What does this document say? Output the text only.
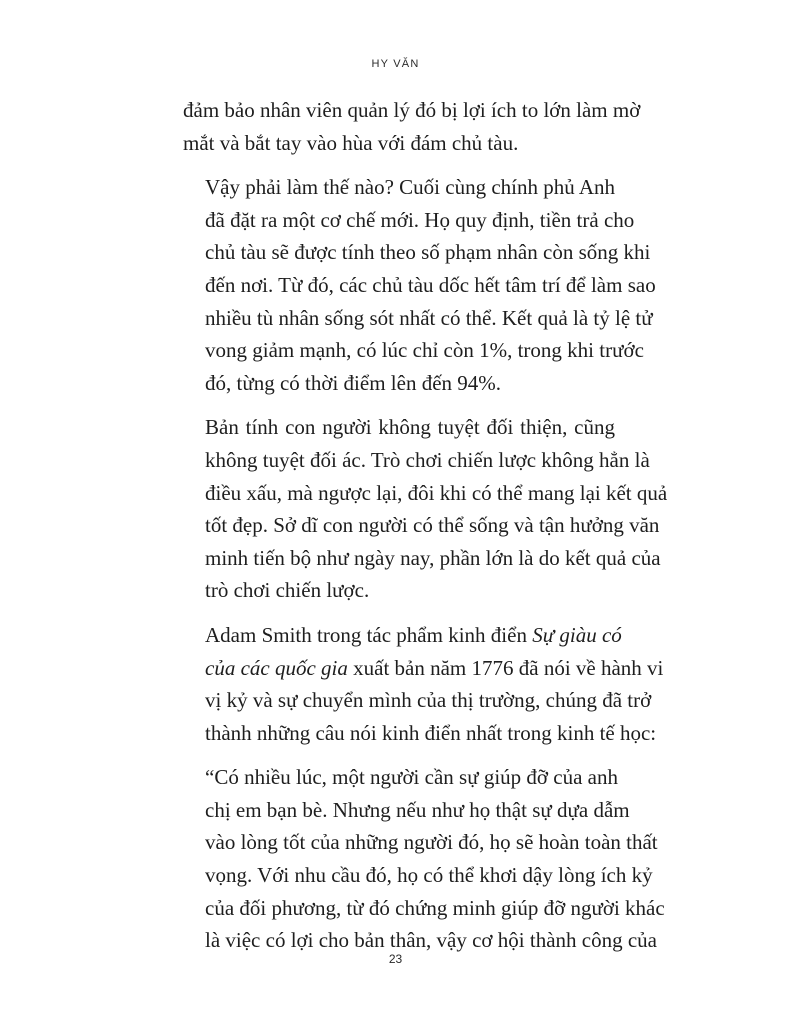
HY VĂN

đảm bảo nhân viên quản lý đó bị lợi ích to lớn làm mờ
mắt và bắt tay vào hùa với đám chủ tàu.

Vậy phải làm thế nào? Cuối cùng chính phủ Anh
đã đặt ra một cơ chế mới. Họ quy định, tiền trả cho
chủ tàu sẽ được tính theo số phạm nhân còn sống khi
đến nơi. Từ đó, các chủ tàu dốc hết tâm trí để làm sao
nhiều tù nhân sống sót nhất có thể. Kết quả là tỷ lệ tử
vong giảm mạnh, có lúc chỉ còn 1%, trong khi trước
đó, từng có thời điểm lên đến 94%.

Bản tính con người không tuyệt đối thiện, cũng
không tuyệt đối ác. Trò chơi chiến lược không hẳn là
điều xấu, mà ngược lại, đôi khi có thể mang lại kết quả
tốt đẹp. Sở dĩ con người có thể sống và tận hưởng văn
minh tiến bộ như ngày nay, phần lớn là do kết quả của
trò chơi chiến lược.

Adam Smith trong tác phẩm kinh điển Sự giàu có
của các quốc gia xuất bản năm 1776 đã nói về hành vi
vị kỷ và sự chuyển mình của thị trường, chúng đã trở
thành những câu nói kinh điển nhất trong kinh tế học:

“Có nhiều lúc, một người cần sự giúp đỡ của anh
chị em bạn bè. Nhưng nếu như họ thật sự dựa dẫm
vào lòng tốt của những người đó, họ sẽ hoàn toàn thất
vọng. Với nhu cầu đó, họ có thể khơi dậy lòng ích kỷ
của đối phương, từ đó chứng minh giúp đỡ người khác
là việc có lợi cho bản thân, vậy cơ hội thành công của

23
